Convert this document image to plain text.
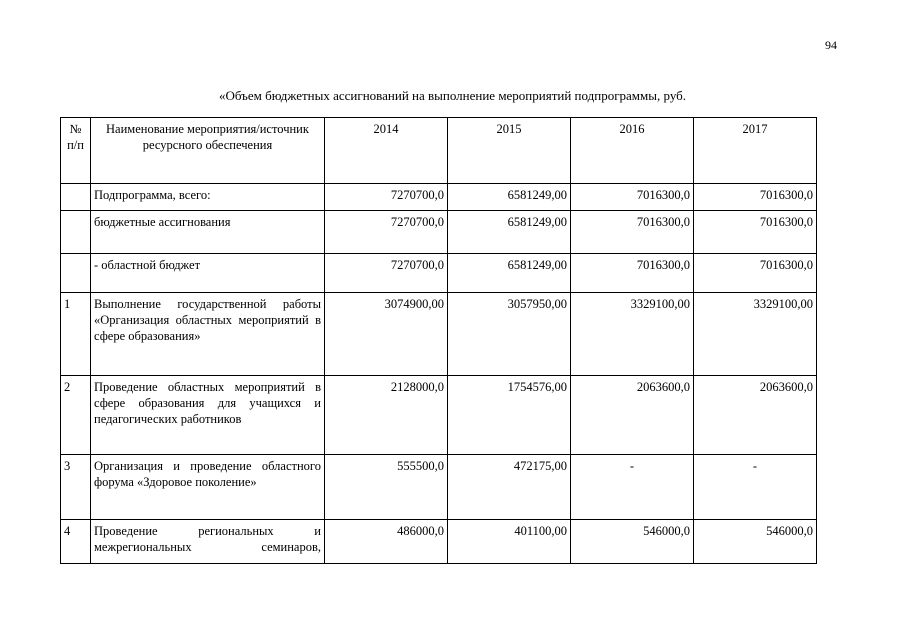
94
«Объем бюджетных ассигнований на выполнение мероприятий подпрограммы, руб.
№ п/п	Наименование мероприятия/источник ресурсного обеспечения	2014	2015	2016	2017
	Подпрограмма, всего:	7270700,0	6581249,00	7016300,0	7016300,0
	бюджетные ассигнования	7270700,0	6581249,00	7016300,0	7016300,0
	- областной бюджет	7270700,0	6581249,00	7016300,0	7016300,0
1	Выполнение государственной работы «Организация областных мероприятий в сфере образования»	3074900,00	3057950,00	3329100,00	3329100,00
2	Проведение областных мероприятий в сфере образования для учащихся и педагогических работников	2128000,0	1754576,00	2063600,0	2063600,0
3	Организация и проведение областного форума «Здоровое поколение»	555500,0	472175,00	-	-
4	Проведение региональных и межрегиональных семинаров,	486000,0	401100,00	546000,0	546000,0
